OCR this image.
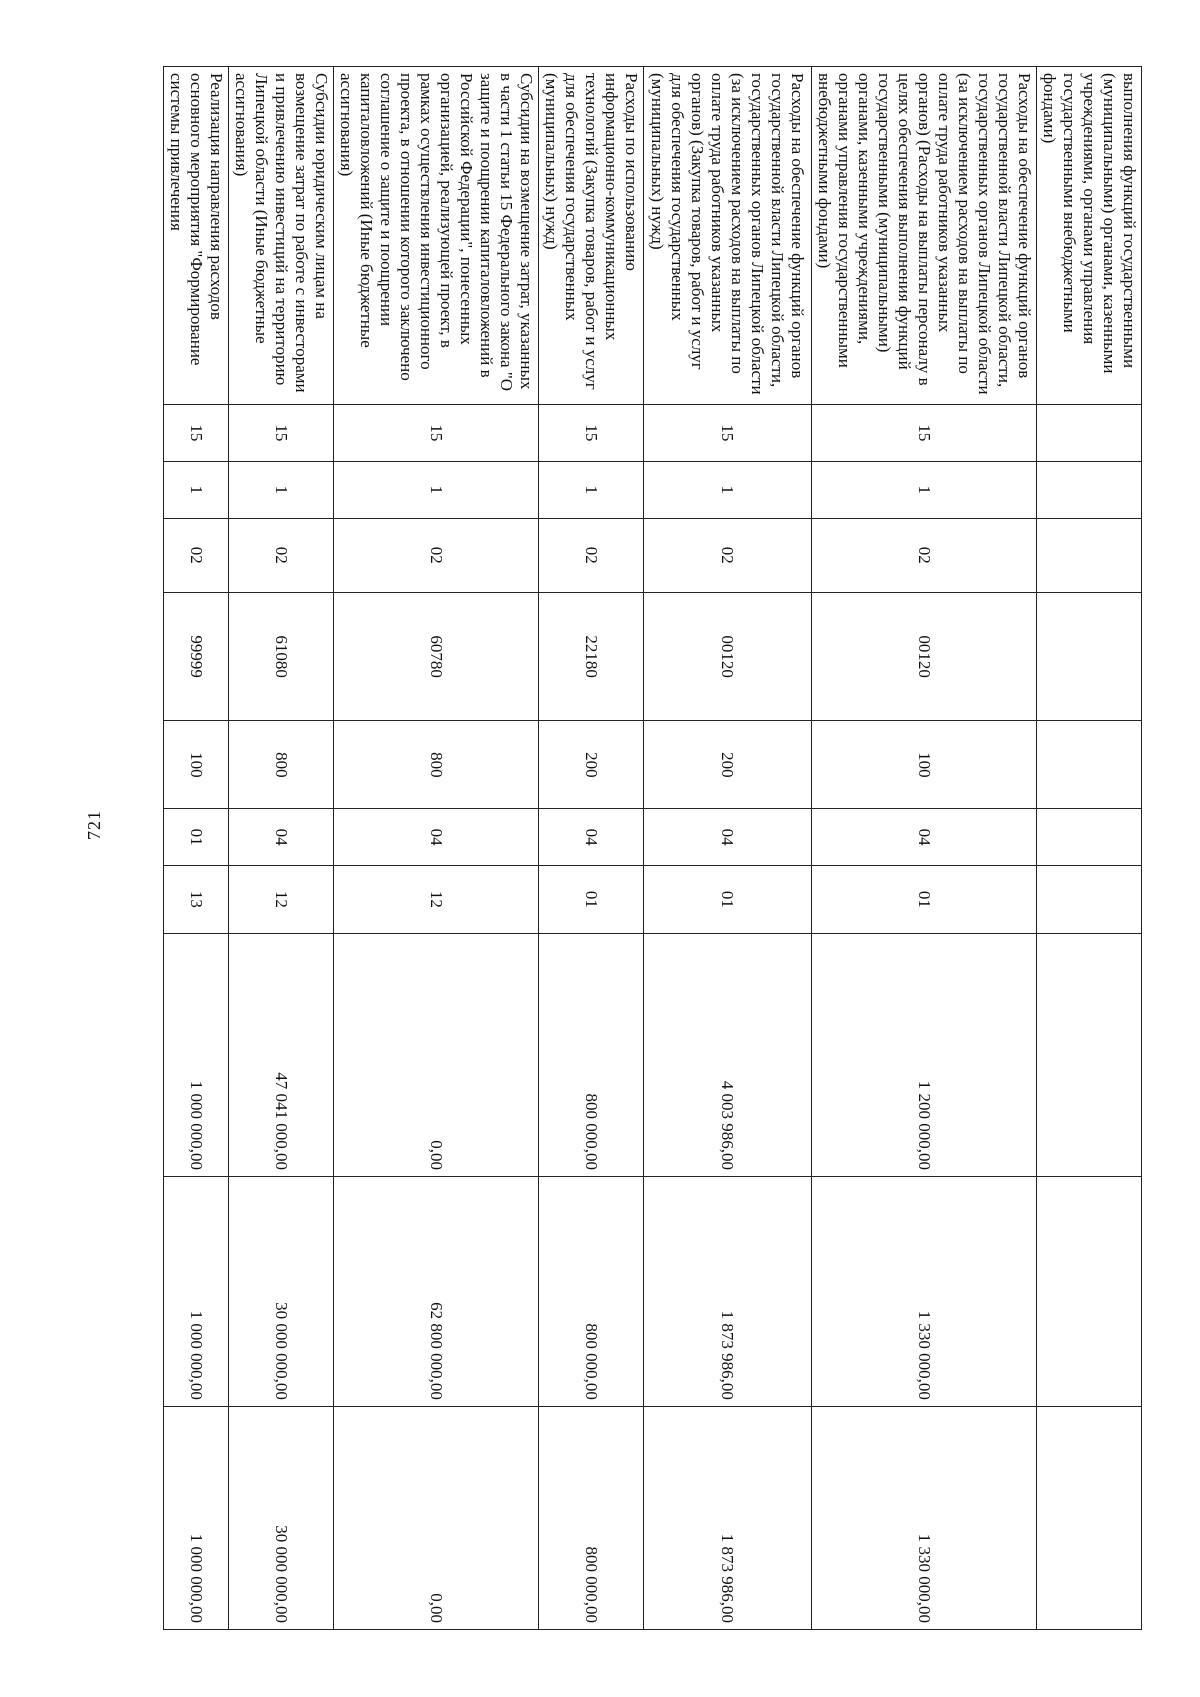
721
выполнения функций государственными (муниципальными) органами, казенными учреждениями, органами управления государственными внебюджетными фондами)										
Расходы на обеспечение функций органов государственной власти Липецкой области, государственных органов Липецкой области (за исключением расходов на выплаты по оплате труда работников указанных органов) (Расходы на выплаты персоналу в целях обеспечения выполнения функций государственными (муниципальными) органами, казенными учреждениями, органами управления государственными внебюджетными фондами)	15	1	02	00120	100	04	01	1 200 000,00	1 330 000,00	1 330 000,00
Расходы на обеспечение функций органов государственной власти Липецкой области, государственных органов Липецкой области (за исключением расходов на выплаты по оплате труда работников указанных органов) (Закупка товаров, работ и услуг для обеспечения государственных (муниципальных) нужд)	15	1	02	00120	200	04	01	4 003 986,00	1 873 986,00	1 873 986,00
Расходы по использованию информационно-коммуникационных технологий (Закупка товаров, работ и услуг для обеспечения государственных (муниципальных) нужд)	15	1	02	22180	200	04	01	800 000,00	800 000,00	800 000,00
Субсидии на возмещение затрат, указанных в части 1 статьи 15 Федерального закона "О защите и поощрении капиталовложений в Российской Федерации", понесенных организацией, реализующей проект, в рамках осуществления инвестиционного проекта, в отношении которого заключено соглашение о защите и поощрении капиталовложений (Иные бюджетные ассигнования)	15	1	02	60780	800	04	12	0,00	62 800 000,00	0,00
Субсидии юридическим лицам на возмещение затрат по работе с инвесторами и привлечению инвестиций на территорию Липецкой области (Иные бюджетные ассигнования)	15	1	02	61080	800	04	12	47 041 000,00	30 000 000,00	30 000 000,00
Реализация направления расходов основного мероприятия "Формирование системы привлечения	15	1	02	99999	100	01	13	1 000 000,00	1 000 000,00	1 000 000,00
